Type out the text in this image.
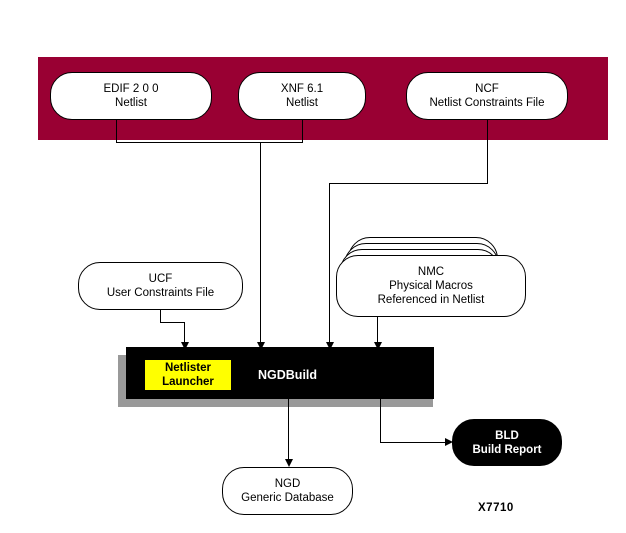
EDIF 2 0 0
Netlist
XNF 6.1
Netlist
NCF
Netlist Constraints File
UCF
User Constraints File
NMC
Physical Macros
Referenced in Netlist
NGDBuild
Netlister
Launcher
NGD
Generic Database
BLD
Build Report
X7710
